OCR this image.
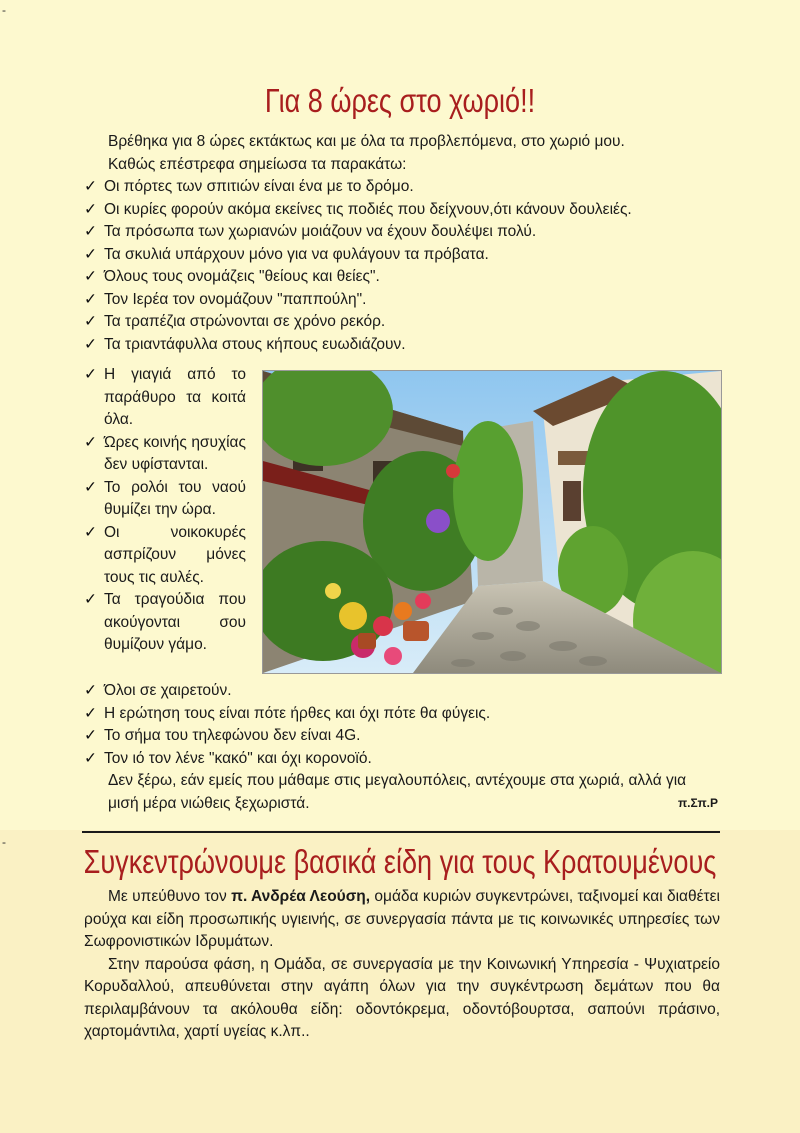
-
-
Για 8 ώρες στο χωριό!!

Βρέθηκα για 8 ώρες εκτάκτως και με όλα τα προβλεπόμενα, στο χωριό μου.
Καθώς επέστρεφα σημείωσα τα παρακάτω:

✓ Οι πόρτες των σπιτιών είναι ένα με το δρόμο.
✓ Οι κυρίες φορούν ακόμα εκείνες τις ποδιές που δείχνουν,ότι κάνουν δουλειές.
✓ Τα πρόσωπα των χωριανών μοιάζουν να έχουν δουλέψει πολύ.
✓ Τα σκυλιά υπάρχουν μόνο για να φυλάγουν τα πρόβατα.
✓ Όλους τους ονομάζεις "θείους και θείες".
✓ Τον Ιερέα τον ονομάζουν "παππούλη".
✓ Τα τραπέζια στρώνονται σε χρόνο ρεκόρ.
✓ Τα τριαντάφυλλα στους κήπους ευωδιάζουν.
✓ Η γιαγιά από το παράθυρο τα κοιτά όλα.
✓ Ώρες κοινής ησυχίας δεν υφίστανται.
✓ Το ρολόι του ναού θυμίζει την ώρα.
✓ Οι νοικοκυρές ασπρίζουν μόνες τους τις αυλές.
✓ Τα τραγούδια που ακούγονται σου θυμίζουν γάμο.
✓ Όλοι σε χαιρετούν.
✓ Η ερώτηση τους είναι πότε ήρθες και όχι πότε θα φύγεις.
✓ Το σήμα του τηλεφώνου δεν είναι 4G.
✓ Τον ιό τον λένε "κακό" και όχι κορονοϊό.

Δεν ξέρω, εάν εμείς που μάθαμε στις μεγαλουπόλεις, αντέχουμε στα χωριά, αλλά για μισή μέρα νιώθεις ξεχωριστά.	π.Σπ.Ρ
Συγκεντρώνουμε βασικά είδη για τους Κρατουμένους

Με υπεύθυνο τον π. Ανδρέα Λεούση, ομάδα κυριών συγκεντρώνει, ταξινομεί και διαθέτει ρούχα και είδη προσωπικής υγιεινής, σε συνεργασία πάντα με τις κοινωνικές υπηρεσίες των Σωφρονιστικών Ιδρυμάτων.

Στην παρούσα φάση, η Ομάδα, σε συνεργασία με την Κοινωνική Υπηρεσία - Ψυχιατρείο Κορυδαλλού, απευθύνεται στην αγάπη όλων για την συγκέντρωση δεμάτων που θα περιλαμβάνουν τα ακόλουθα είδη: οδοντόκρεμα, οδοντόβουρτσα, σαπούνι πράσινο, χαρτομάντιλα, χαρτί υγείας κ.λπ..
